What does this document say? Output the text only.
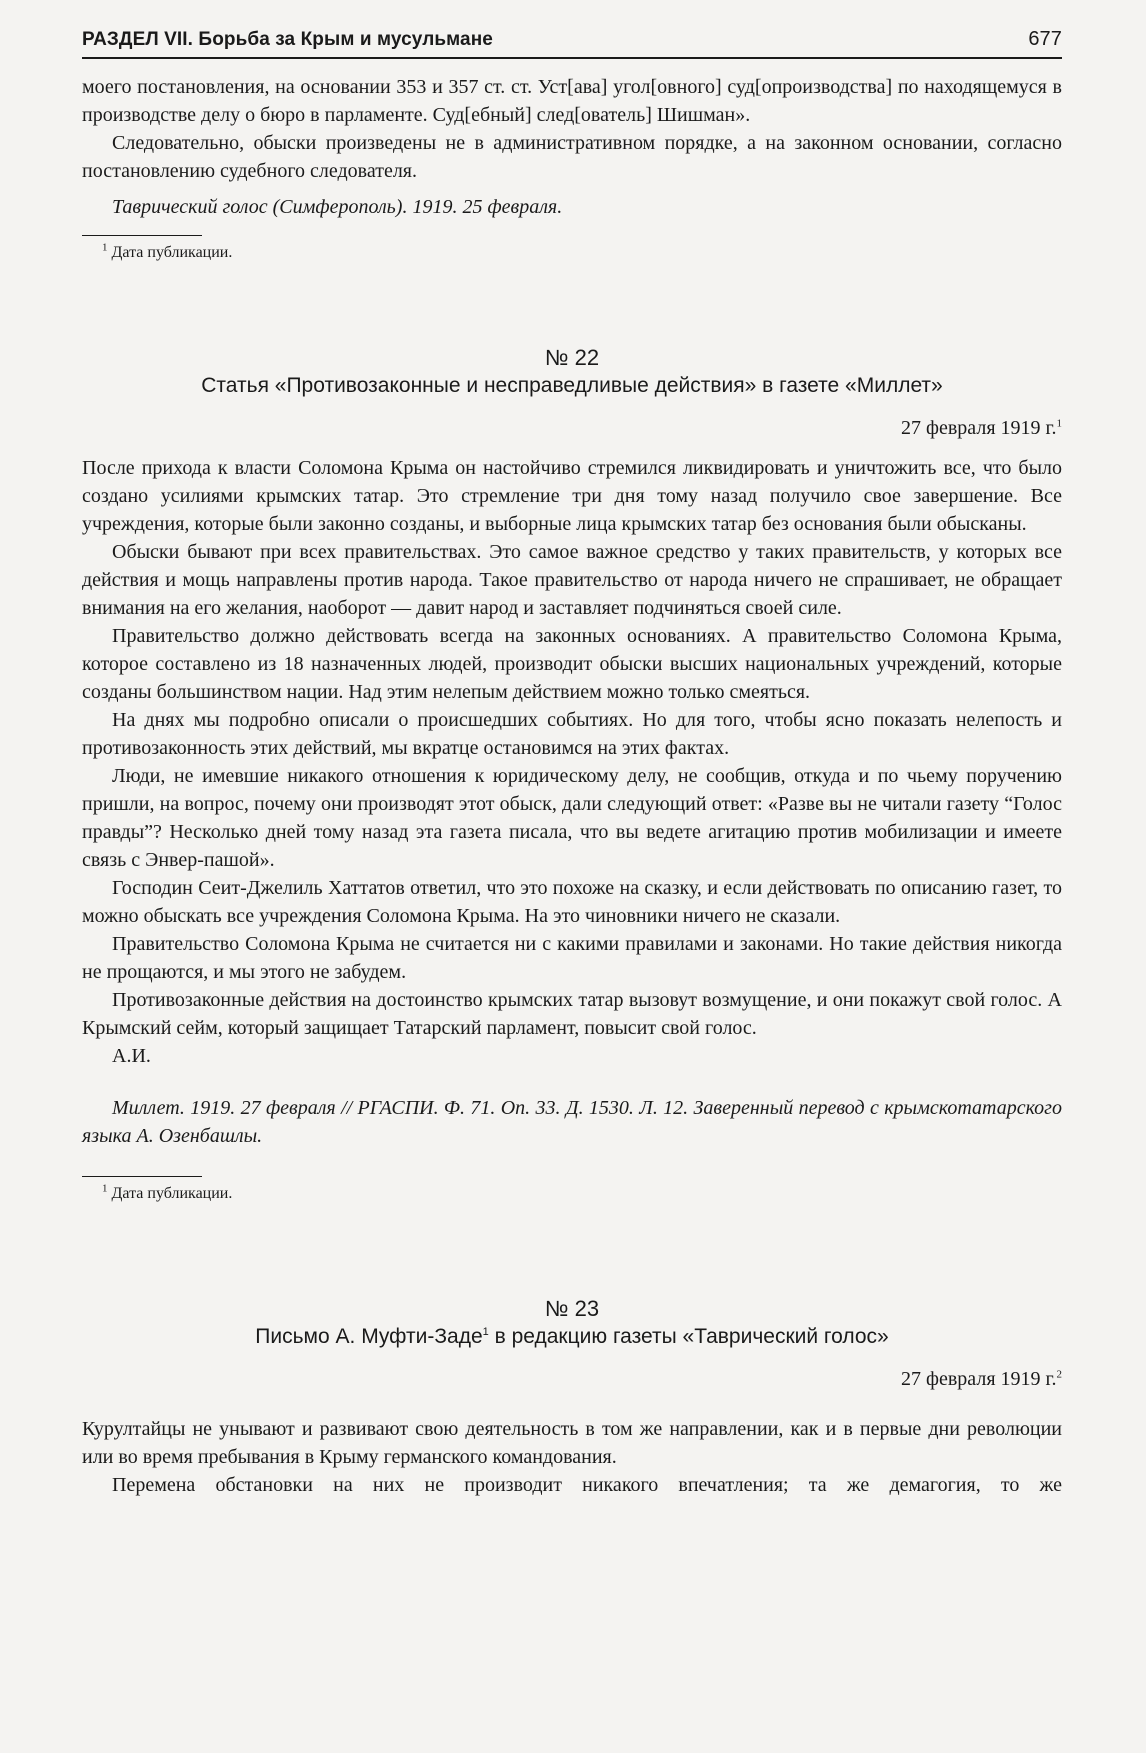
РАЗДЕЛ VII. Борьба за Крым и мусульмане	677

моего постановления, на основании 353 и 357 ст. ст. Уст[ава] угол[овного] суд[опроизводства] по находящемуся в производстве делу о бюро в парламенте. Суд[ебный] след[ователь] Шишман».

Следовательно, обыски произведены не в административном порядке, а на законном основании, согласно постановлению судебного следователя.

Таврический голос (Симферополь). 1919. 25 февраля.

$^1$ Дата публикации.
№ 22
Статья «Противозаконные и несправедливые действия» в газете «Миллет»
27 февраля 1919 г.$^1$

После прихода к власти Соломона Крыма он настойчиво стремился ликвидировать и уничтожить все, что было создано усилиями крымских татар. Это стремление три дня тому назад получило свое завершение. Все учреждения, которые были законно созданы, и выборные лица крымских татар без основания были обысканы.

Обыски бывают при всех правительствах. Это самое важное средство у таких правительств, у которых все действия и мощь направлены против народа. Такое правительство от народа ничего не спрашивает, не обращает внимания на его желания, наоборот — давит народ и заставляет подчиняться своей силе.

Правительство должно действовать всегда на законных основаниях. А правительство Соломона Крыма, которое составлено из 18 назначенных людей, производит обыски высших национальных учреждений, которые созданы большинством нации. Над этим нелепым действием можно только смеяться.

На днях мы подробно описали о происшедших событиях. Но для того, чтобы ясно показать нелепость и противозаконность этих действий, мы вкратце остановимся на этих фактах.

Люди, не имевшие никакого отношения к юридическому делу, не сообщив, откуда и по чьему поручению пришли, на вопрос, почему они производят этот обыск, дали следующий ответ: «Разве вы не читали газету “Голос правды”? Несколько дней тому назад эта газета писала, что вы ведете агитацию против мобилизации и имеете связь с Энвер-пашой».

Господин Сеит-Джелиль Хаттатов ответил, что это похоже на сказку, и если действовать по описанию газет, то можно обыскать все учреждения Соломона Крыма. На это чиновники ничего не сказали.

Правительство Соломона Крыма не считается ни с какими правилами и законами. Но такие действия никогда не прощаются, и мы этого не забудем.

Противозаконные действия на достоинство крымских татар вызовут возмущение, и они покажут свой голос. А Крымский сейм, который защищает Татарский парламент, повысит свой голос.

А.И.

Миллет. 1919. 27 февраля // РГАСПИ. Ф. 71. Оп. 33. Д. 1530. Л. 12. Заверенный перевод с крымскотатарского языка А. Озенбашлы.

$^1$ Дата публикации.
№ 23
Письмо А. Муфти-Заде$^1$ в редакцию газеты «Таврический голос»
27 февраля 1919 г.$^2$

Курултайцы не унывают и развивают свою деятельность в том же направлении, как и в первые дни революции или во время пребывания в Крыму германского командования.

Перемена обстановки на них не производит никакого впечатления; та же демагогия, то же
